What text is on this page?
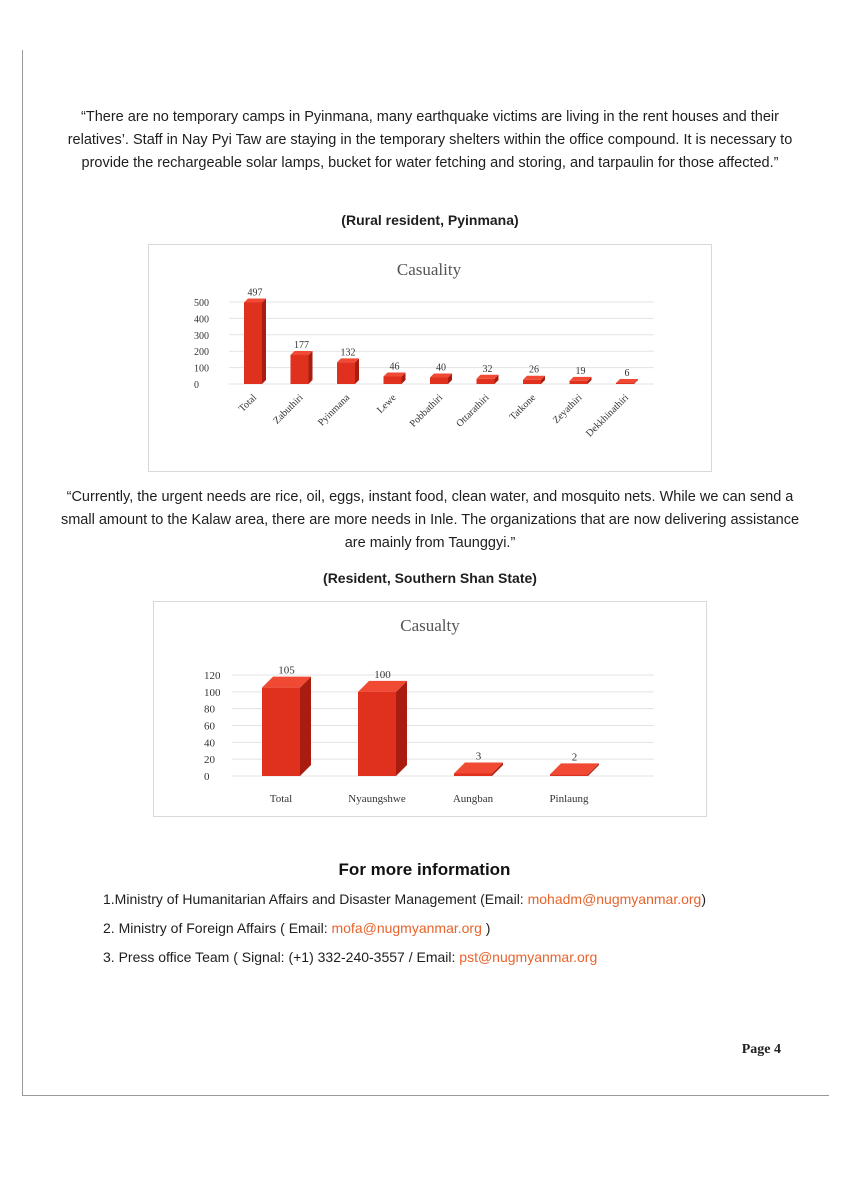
“There are no temporary camps in Pyinmana, many earthquake victims are living in the rent houses and their relatives’. Staff in Nay Pyi Taw are staying in the temporary shelters within the office compound. It is necessary to provide the rechargeable solar lamps, bucket for water fetching and storing, and tarpaulin for those affected.”
(Rural resident, Pyinmana)
Casuality
0
100
200
300
400
500
497
Total
177
Zabuthiri
132
Pyinmana
46
Lewe
40
Pobbathiri
32
Ottarathiri
26
Tatkone
19
Zeyathiri
6
Dekkhinathiri
“Currently, the urgent needs are rice, oil, eggs, instant food, clean water, and mosquito nets. While we can send a small amount to the Kalaw area, there are more needs in Inle. The organizations that are now delivering assistance are mainly from Taunggyi.”
(Resident, Southern Shan State)
Casualty
0
20
40
60
80
100
120	105
Total
100
Nyaungshwe
3
Aungban
2
Pinlaung
For more information
1.Ministry of Humanitarian Affairs and Disaster Management (Email: mohadm@nugmyanmar.org)
2. Ministry of Foreign Affairs ( Email: mofa@nugmyanmar.org )
3. Press office Team ( Signal: (+1) 332-240-3557 / Email: pst@nugmyanmar.org
Page 4
